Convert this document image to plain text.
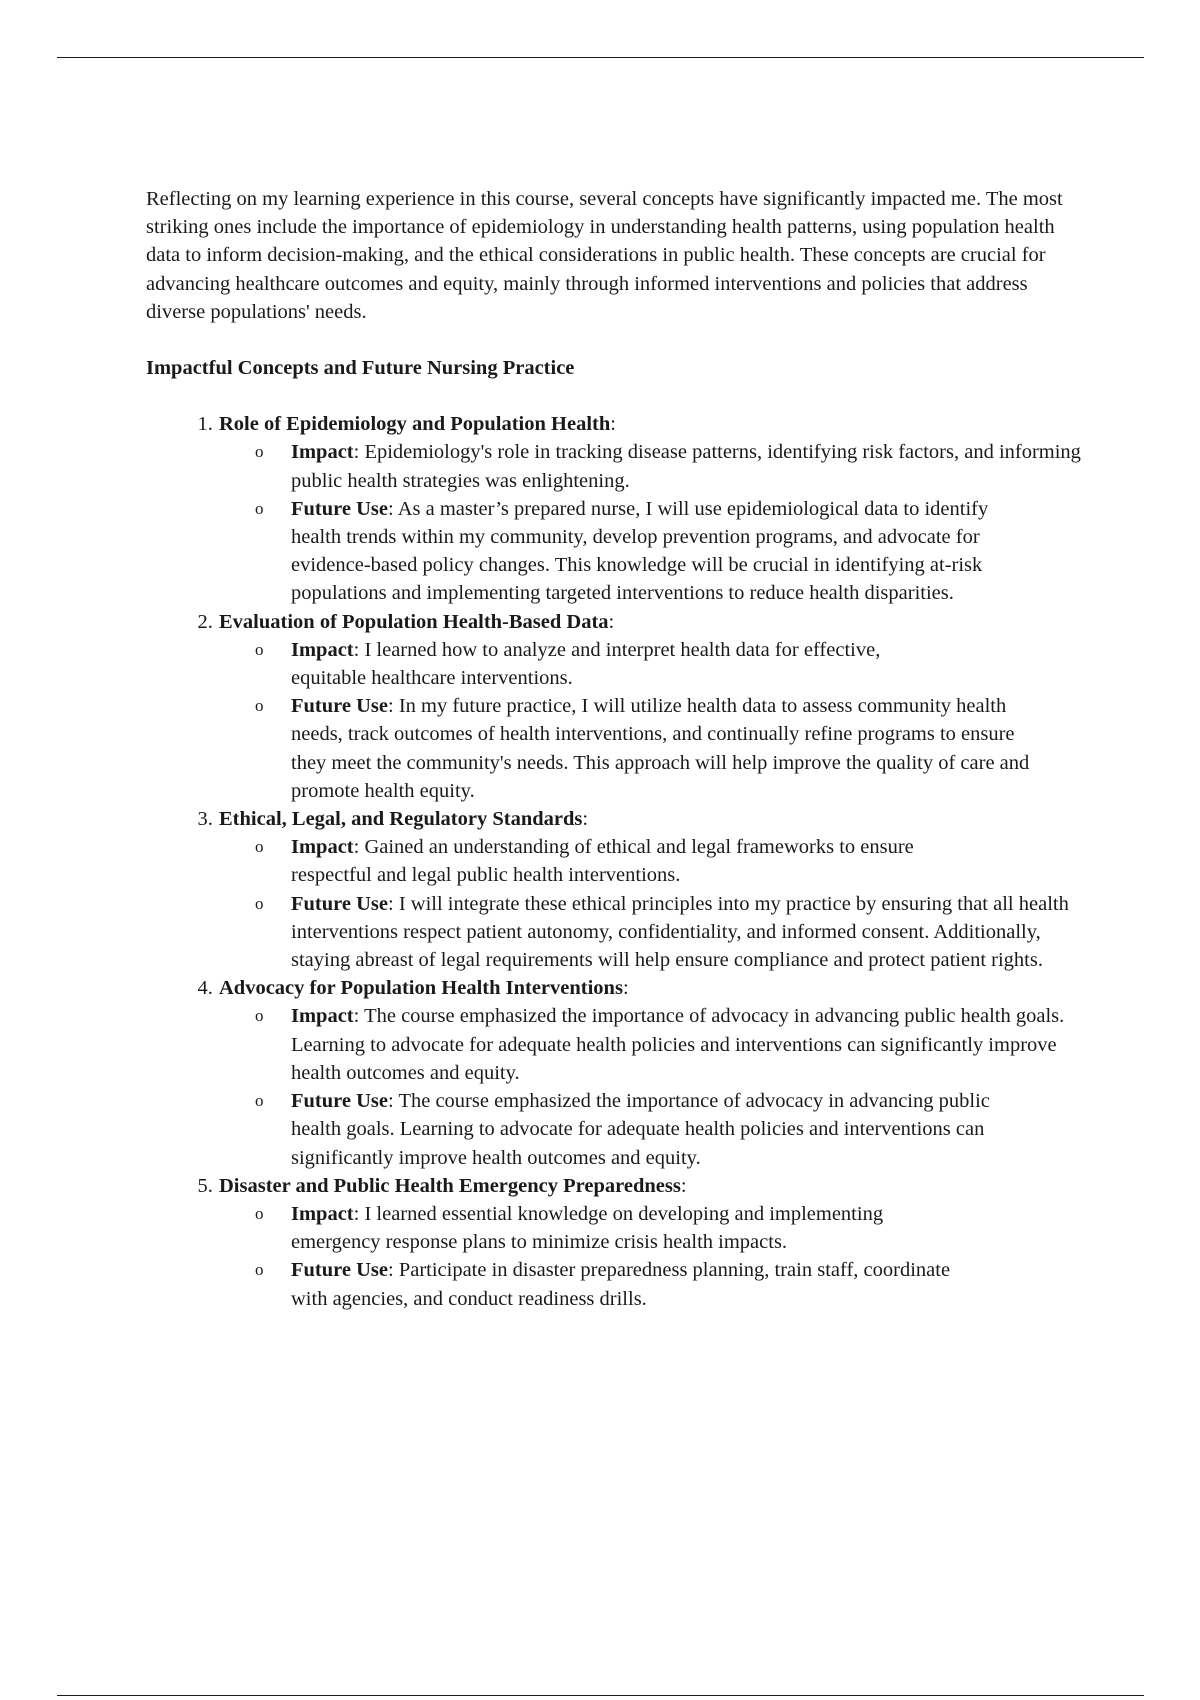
Reflecting on my learning experience in this course, several concepts have significantly impacted me. The most striking ones include the importance of epidemiology in understanding health patterns, using population health data to inform decision-making, and the ethical considerations in public health. These concepts are crucial for advancing healthcare outcomes and equity, mainly through informed interventions and policies that address diverse populations' needs.

Impactful Concepts and Future Nursing Practice

1. Role of Epidemiology and Population Health:
o Impact: Epidemiology's role in tracking disease patterns, identifying risk factors, and informing public health strategies was enlightening.
o Future Use: As a master’s prepared nurse, I will use epidemiological data to identify health trends within my community, develop prevention programs, and advocate for evidence-based policy changes. This knowledge will be crucial in identifying at-risk populations and implementing targeted interventions to reduce health disparities.
2. Evaluation of Population Health-Based Data:
o Impact: I learned how to analyze and interpret health data for effective, equitable healthcare interventions.
o Future Use: In my future practice, I will utilize health data to assess community health needs, track outcomes of health interventions, and continually refine programs to ensure they meet the community's needs. This approach will help improve the quality of care and promote health equity.
3. Ethical, Legal, and Regulatory Standards:
o Impact: Gained an understanding of ethical and legal frameworks to ensure respectful and legal public health interventions.
o Future Use: I will integrate these ethical principles into my practice by ensuring that all health interventions respect patient autonomy, confidentiality, and informed consent. Additionally, staying abreast of legal requirements will help ensure compliance and protect patient rights.
4. Advocacy for Population Health Interventions:
o Impact: The course emphasized the importance of advocacy in advancing public health goals. Learning to advocate for adequate health policies and interventions can significantly improve health outcomes and equity.
o Future Use: The course emphasized the importance of advocacy in advancing public health goals. Learning to advocate for adequate health policies and interventions can significantly improve health outcomes and equity.
5. Disaster and Public Health Emergency Preparedness:
o Impact: I learned essential knowledge on developing and implementing emergency response plans to minimize crisis health impacts.
o Future Use: Participate in disaster preparedness planning, train staff, coordinate with agencies, and conduct readiness drills.
